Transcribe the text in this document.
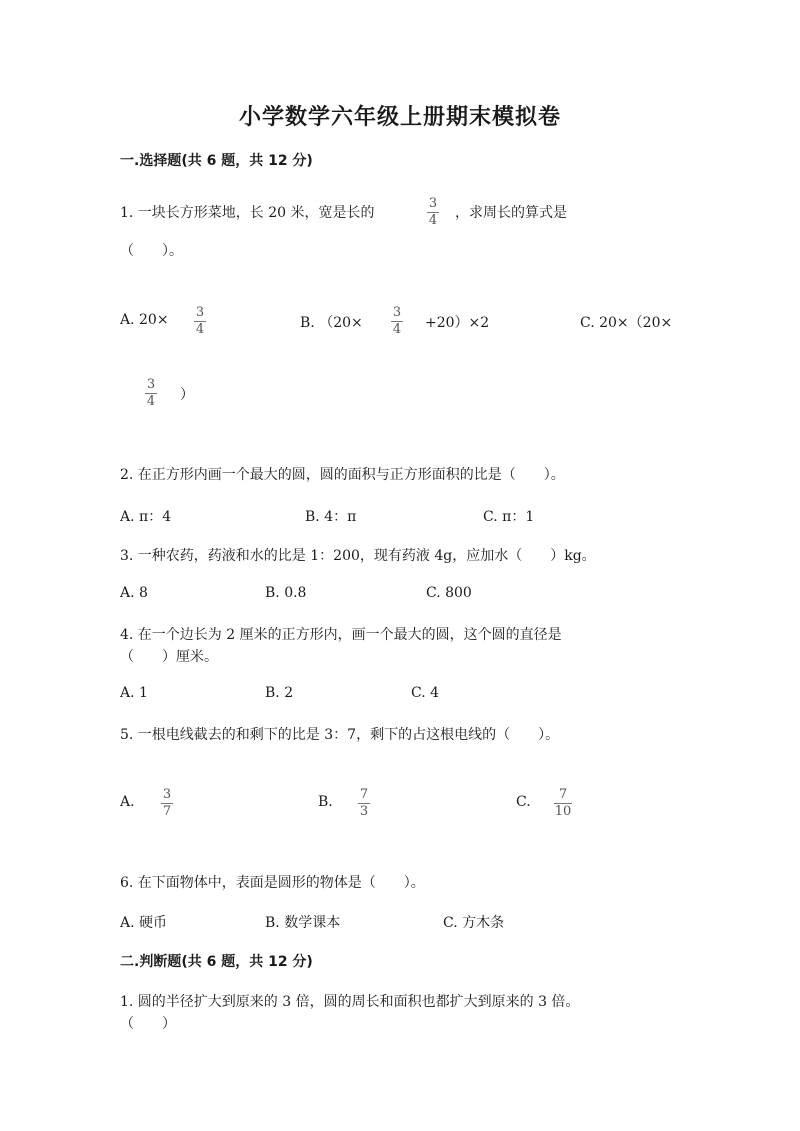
小学数学六年级上册期末模拟卷
一.选择题(共 6 题，共 12 分)
1. 一块长方形菜地，长 20 米，宽是长的
3
4 ，求周长的算式是
（　　）。
A. 20× 3
4	B. （20×
3
4 +20）×2	C. 20×（20×
3
4 ）
2. 在正方形内画一个最大的圆，圆的面积与正方形面积的比是（　　）。
A. π：4	B. 4：π	C. π：1
3. 一种农药，药液和水的比是 1：200，现有药液 4g，应加水（　　）kg。
A. 8	B. 0.8	C. 800
4. 在一个边长为 2 厘米的正方形内，画一个最大的圆，这个圆的直径是
（　　）厘米。
A. 1	B. 2	C. 4
5. 一根电线截去的和剩下的比是 3：7，剩下的占这根电线的（　　）。
A. 3
7
B. 7
3
C. 7
10
6. 在下面物体中，表面是圆形的物体是（　　）。
A. 硬币	B. 数学课本	C. 方木条
二.判断题(共 6 题，共 12 分)
1. 圆的半径扩大到原来的 3 倍，圆的周长和面积也都扩大到原来的 3 倍。
（　　）
